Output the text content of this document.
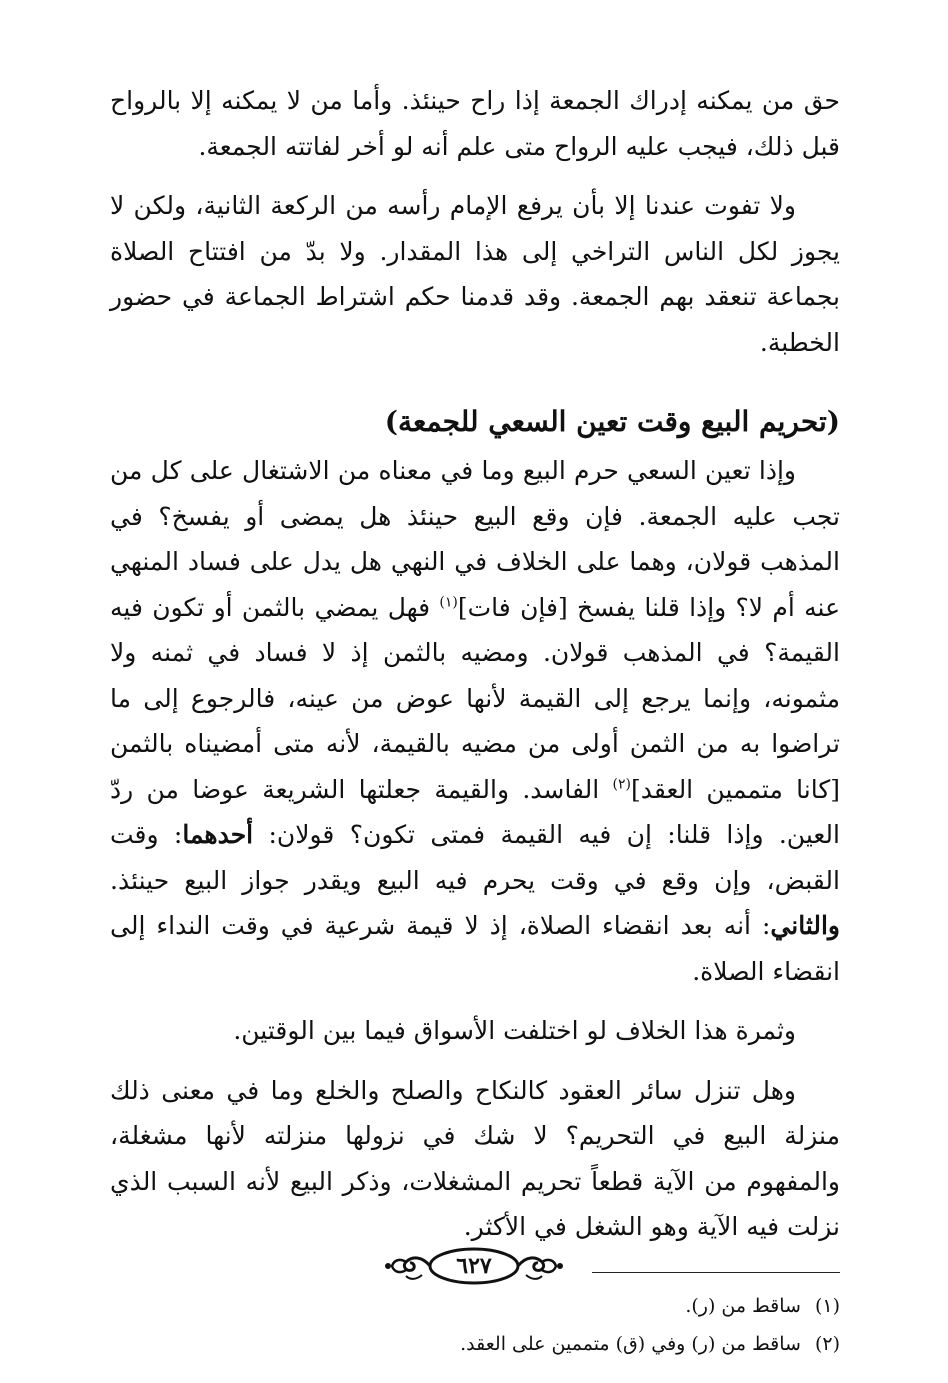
حق من يمكنه إدراك الجمعة إذا راح حينئذ. وأما من لا يمكنه إلا بالرواح قبل ذلك، فيجب عليه الرواح متى علم أنه لو أخر لفاتته الجمعة.

ولا تفوت عندنا إلا بأن يرفع الإمام رأسه من الركعة الثانية، ولكن لا يجوز لكل الناس التراخي إلى هذا المقدار. ولا بدّ من افتتاح الصلاة بجماعة تنعقد بهم الجمعة. وقد قدمنا حكم اشتراط الجماعة في حضور الخطبة.

(تحريم البيع وقت تعين السعي للجمعة)

وإذا تعين السعي حرم البيع وما في معناه من الاشتغال على كل من تجب عليه الجمعة. فإن وقع البيع حينئذ هل يمضى أو يفسخ؟ في المذهب قولان، وهما على الخلاف في النهي هل يدل على فساد المنهي عنه أم لا؟ وإذا قلنا يفسخ [فإن فات]$^{(١)}$ فهل يمضي بالثمن أو تكون فيه القيمة؟ في المذهب قولان. ومضيه بالثمن إذ لا فساد في ثمنه ولا مثمونه، وإنما يرجع إلى القيمة لأنها عوض من عينه، فالرجوع إلى ما تراضوا به من الثمن أولى من مضيه بالقيمة، لأنه متى أمضيناه بالثمن [كانا متممين العقد]$^{(٢)}$ الفاسد. والقيمة جعلتها الشريعة عوضا من ردّ العين. وإذا قلنا: إن فيه القيمة فمتى تكون؟ قولان: أحدهما: وقت القبض، وإن وقع في وقت يحرم فيه البيع ويقدر جواز البيع حينئذ. والثاني: أنه بعد انقضاء الصلاة، إذ لا قيمة شرعية في وقت النداء إلى انقضاء الصلاة.

وثمرة هذا الخلاف لو اختلفت الأسواق فيما بين الوقتين.

وهل تنزل سائر العقود كالنكاح والصلح والخلع وما في معنى ذلك منزلة البيع في التحريم؟ لا شك في نزولها منزلته لأنها مشغلة، والمفهوم من الآية قطعاً تحريم المشغلات، وذكر البيع لأنه السبب الذي نزلت فيه الآية وهو الشغل في الأكثر.

(١)ساقط من (ر).

(٢)ساقط من (ر) وفي (ق) متممين على العقد.

٦٢٧
